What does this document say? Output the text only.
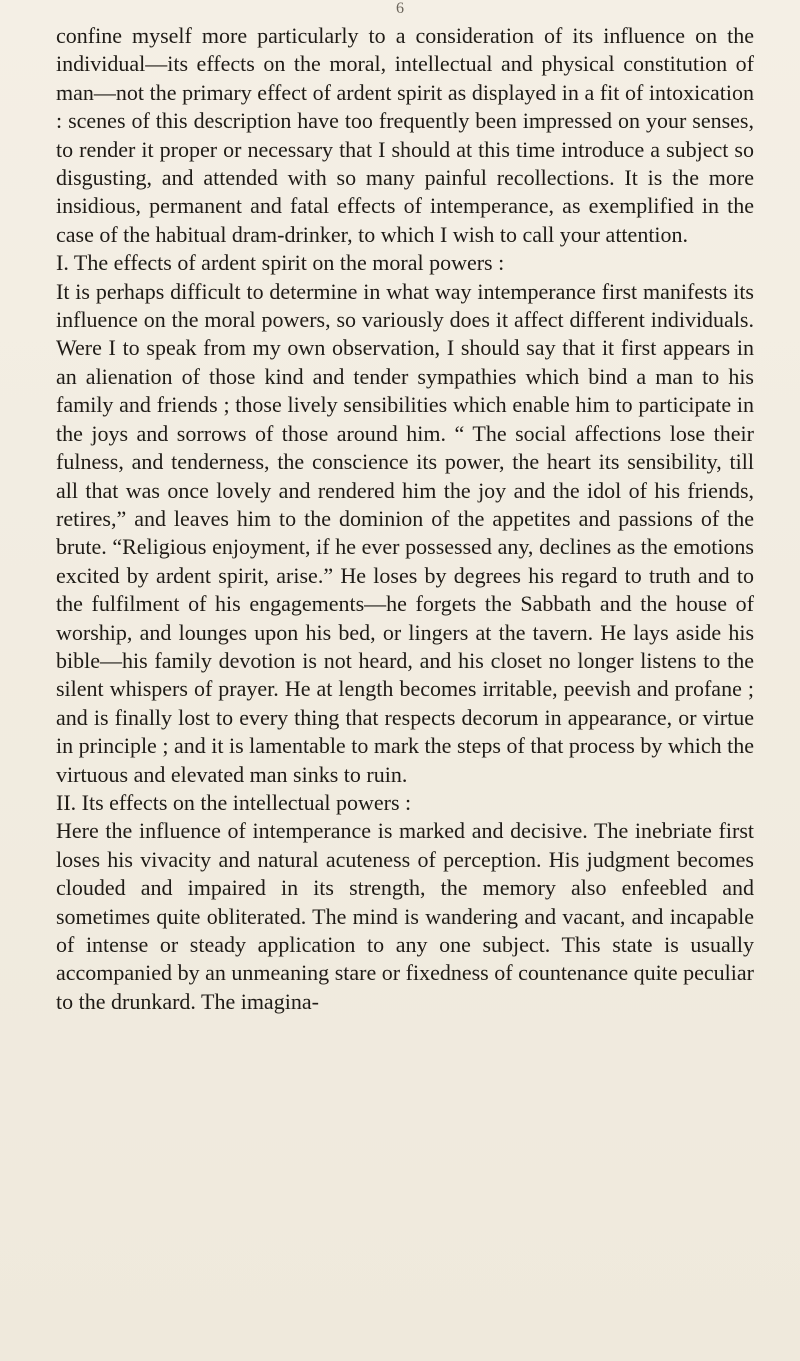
6

confine myself more particularly to a consideration of its influence on the individual—its effects on the moral, intellectual and physical constitution of man—not the primary effect of ardent spirit as displayed in a fit of intoxication : scenes of this description have too frequently been impressed on your senses, to render it proper or necessary that I should at this time introduce a subject so disgusting, and attended with so many painful recollections. It is the more insidious, permanent and fatal effects of intemperance, as exemplified in the case of the habitual dram-drinker, to which I wish to call your attention.

I. The effects of ardent spirit on the moral powers :

It is perhaps difficult to determine in what way intemperance first manifests its influence on the moral powers, so variously does it affect different individuals. Were I to speak from my own observation, I should say that it first appears in an alienation of those kind and tender sympathies which bind a man to his family and friends ; those lively sensibilities which enable him to participate in the joys and sorrows of those around him. “ The social affections lose their fulness, and tenderness, the conscience its power, the heart its sensibility, till all that was once lovely and rendered him the joy and the idol of his friends, retires,” and leaves him to the dominion of the appetites and passions of the brute. “Religious enjoyment, if he ever possessed any, declines as the emotions excited by ardent spirit, arise.” He loses by degrees his regard to truth and to the fulfilment of his engagements—he forgets the Sabbath and the house of worship, and lounges upon his bed, or lingers at the tavern. He lays aside his bible—his family devotion is not heard, and his closet no longer listens to the silent whispers of prayer. He at length becomes irritable, peevish and profane ; and is finally lost to every thing that respects decorum in appearance, or virtue in principle ; and it is lamentable to mark the steps of that process by which the virtuous and elevated man sinks to ruin.

II. Its effects on the intellectual powers :

Here the influence of intemperance is marked and decisive. The inebriate first loses his vivacity and natural acuteness of perception. His judgment becomes clouded and impaired in its strength, the memory also enfeebled and sometimes quite obliterated. The mind is wandering and vacant, and incapable of intense or steady application to any one subject. This state is usually accompanied by an unmeaning stare or fixedness of countenance quite peculiar to the drunkard. The imagina-
